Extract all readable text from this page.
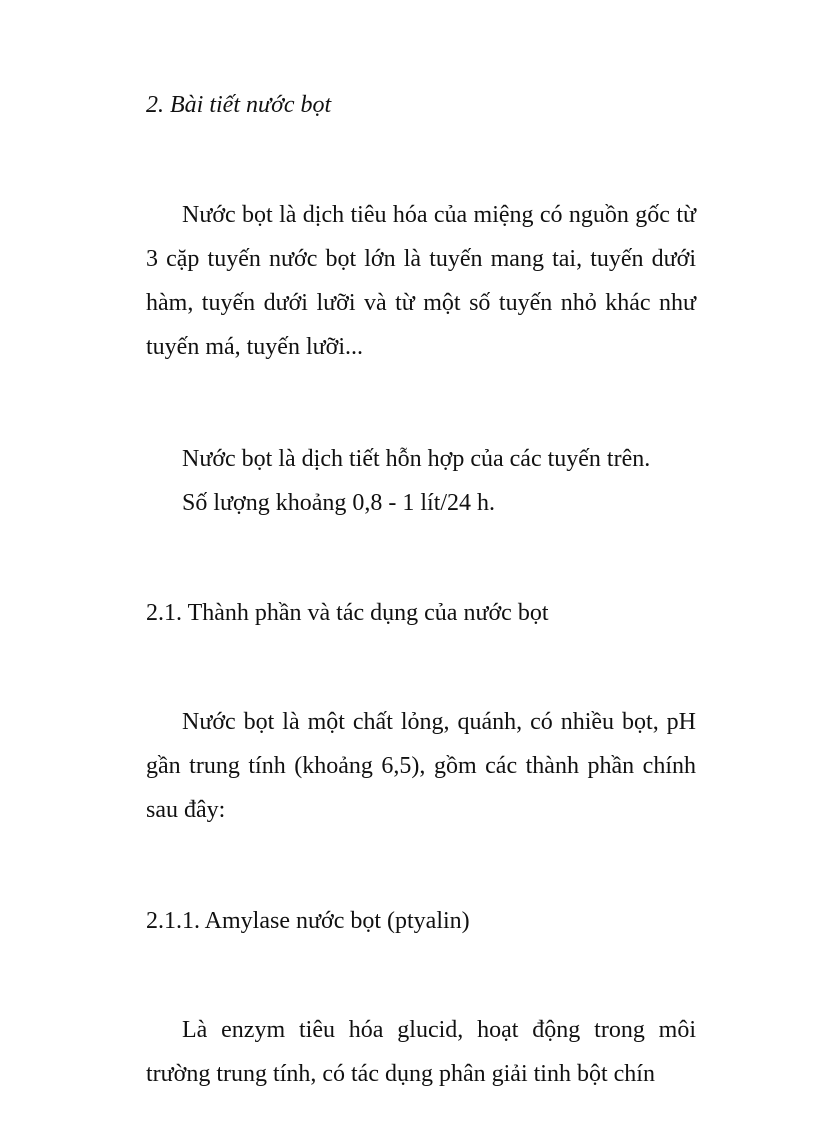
2. Bài tiết nước bọt
Nước bọt là dịch tiêu hóa của miệng có nguồn gốc từ 3 cặp tuyến nước bọt lớn là tuyến mang tai, tuyến dưới hàm, tuyến dưới lưỡi và từ một số tuyến nhỏ khác như tuyến má, tuyến lưỡi...
Nước bọt là dịch tiết hỗn hợp của các tuyến trên.
Số lượng khoảng 0,8 - 1 lít/24 h.
2.1. Thành phần và tác dụng của nước bọt
Nước bọt là một chất lỏng, quánh, có nhiều bọt, pH gần trung tính (khoảng 6,5), gồm các thành phần chính sau đây:
2.1.1. Amylase nước bọt (ptyalin)
Là enzym tiêu hóa glucid, hoạt động trong môi trường trung tính, có tác dụng phân giải tinh bột chín
